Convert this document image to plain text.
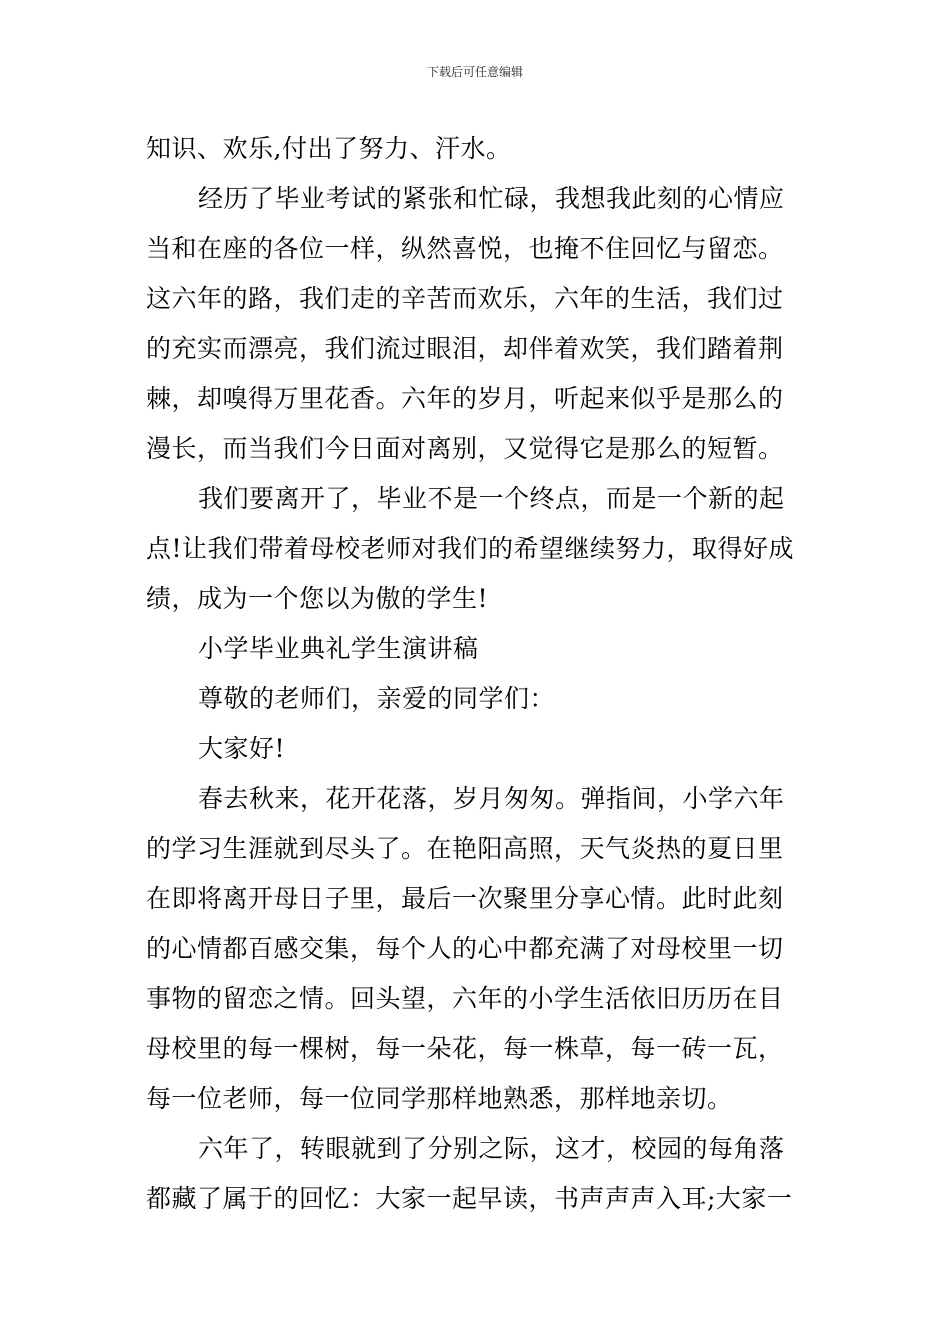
下载后可任意编辑
知识、欢乐,付出了努力、汗水。
经历了毕业考试的紧张和忙碌，我想我此刻的心情应
当和在座的各位一样，纵然喜悦，也掩不住回忆与留恋。
这六年的路，我们走的辛苦而欢乐，六年的生活，我们过
的充实而漂亮，我们流过眼泪，却伴着欢笑，我们踏着荆
棘，却嗅得万里花香。六年的岁月，听起来似乎是那么的
漫长，而当我们今日面对离别，又觉得它是那么的短暂。
我们要离开了，毕业不是一个终点，而是一个新的起
点!让我们带着母校老师对我们的希望继续努力，取得好成
绩，成为一个您以为傲的学生!
小学毕业典礼学生演讲稿
尊敬的老师们，亲爱的同学们：
大家好!
春去秋来，花开花落，岁月匆匆。弹指间，小学六年
的学习生涯就到尽头了。在艳阳高照，天气炎热的夏日里
在即将离开母日子里，最后一次聚里分享心情。此时此刻
的心情都百感交集，每个人的心中都充满了对母校里一切
事物的留恋之情。回头望，六年的小学生活依旧历历在目
母校里的每一棵树，每一朵花，每一株草，每一砖一瓦，
每一位老师，每一位同学那样地熟悉，那样地亲切。
六年了，转眼就到了分别之际，这才，校园的每角落
都藏了属于的回忆：大家一起早读，书声声声入耳;大家一
